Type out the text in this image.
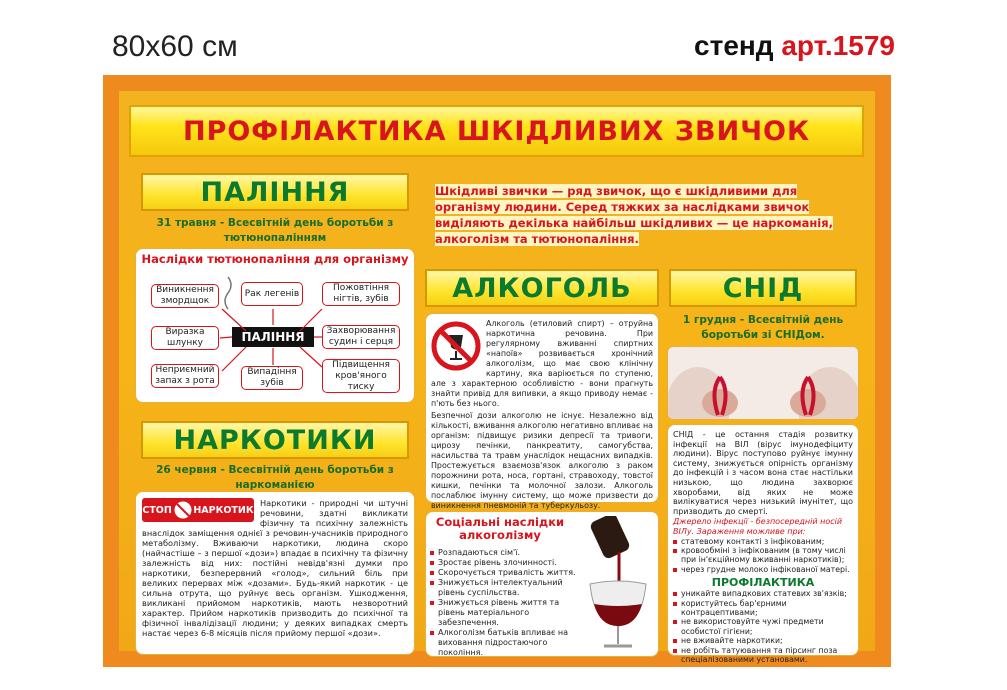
80x60 см	стенд арт.1579
ПРОФІЛАКТИКА ШКІДЛИВИХ ЗВИЧОК
ПАЛІННЯ
31 травня - Всесвітній день боротьби з тютюнопалінням
Наслідки тютюнопаління для організму
Виникнення змордщок
Рак легенів
Пожовтіння нігтів, зубів
Виразка шлунку
Захворювання судин і серця
Неприємний запах з рота
Випадіння зубів
Підвищення кров'яного тиску
ПАЛІННЯ
НАРКОТИКИ
26 червня - Всесвітній день боротьби з наркоманією
СТОП НАРКОТИК
Наркотики - природні чи штучні речовини, здатні викликати фізичну та психічну залежність внаслідок заміщення однієї з речовин-учасників природного метаболізму. Вживаючи наркотики, людина скоро (найчастіше – з першої «дози») впадає в психічну та фізичну залежність від них: постійні невідв'язні думки про наркотики, безперервний «голод», сильний біль при великих перервах між «дозами». Будь-який наркотик - це сильна отрута, що руйнує весь організм. Ушкодження, викликані прийомом наркотиків, мають незворотний характер. Прийом наркотиків призводить до психічної та фізичної інвалідізації людини; у деяких випадках смерть настає через 6-8 місяців після прийому першої «дози».
Шкідливі звички — ряд звичок, що є шкідливими для організму людини. Серед тяжких за наслідками звичок виділяють декілька найбільш шкідливих — це наркоманія, алкоголізм та тютюнопаління.
АЛКОГОЛЬ
Алкоголь (етиловий спирт) – отруйна наркотична речовина. При регулярному вживанні спиртних «напоїв» розвивається хронічний алкоголізм, що має свою клінічну картину, яка варіюється по ступеню, але з характерною особливістю - вони прагнуть знайти привід для випивки, а якщо приводу немає - п'ють без нього.
Безпечної дози алкоголю не існує. Незалежно від кількості, вживання алкоголю негативно впливає на організм: підвищує ризики депресії та тривоги, цирозу печінки, панкреатиту, самогубства, насильства та травм унаслідок нещасних випадків. Простежується взаємозв'язок алкоголю з раком порожнини рота, носа, гортані, стравоходу, товстої кишки, печінки та молочної залози. Алкоголь послаблює імунну систему, що може призвести до виникнення пневмоній та туберкульозу.
Соціальні наслідки алкоголізму
Розпадаються сім'ї.
Зростає рівень злочинності.
Скорочується тривалість життя.
Знижується інтелектуальний рівень суспільства.
Знижується рівень життя та рівень матеріального забезпечення.
Алкоголізм батьків впливає на виховання підростаючого покоління.
СНІД
1 грудня - Всесвітній день боротьби зі СНІДом.
СНІД - це остання стадія розвитку інфекції на ВІЛ (вірус імунодефіциту людини). Вірус поступово руйнує імунну систему, знижується опірність організму до інфекцій і з часом вона стає настільки низькою, що людина захворює хворобами, від яких не може вилікуватися через низький імунітет, що призводить до смерті.
Джерело інфекції - безпосередній носій ВІЛу. Зараження можливе при:
статевому контакті з інфікованим;
кровообміні з інфікованим (в тому числі при ін'єкційному вживанні наркотиків);
через грудне молоко інфікованої матері.
ПРОФІЛАКТИКА
уникайте випадкових статевих зв'язків;
користуйтесь бар'єрними контрацептивами;
не використовуйте чужі предмети особистої гігієни;
не вживайте наркотики;
не робіть татуювання та пірсинг поза спеціалізованими установами.
